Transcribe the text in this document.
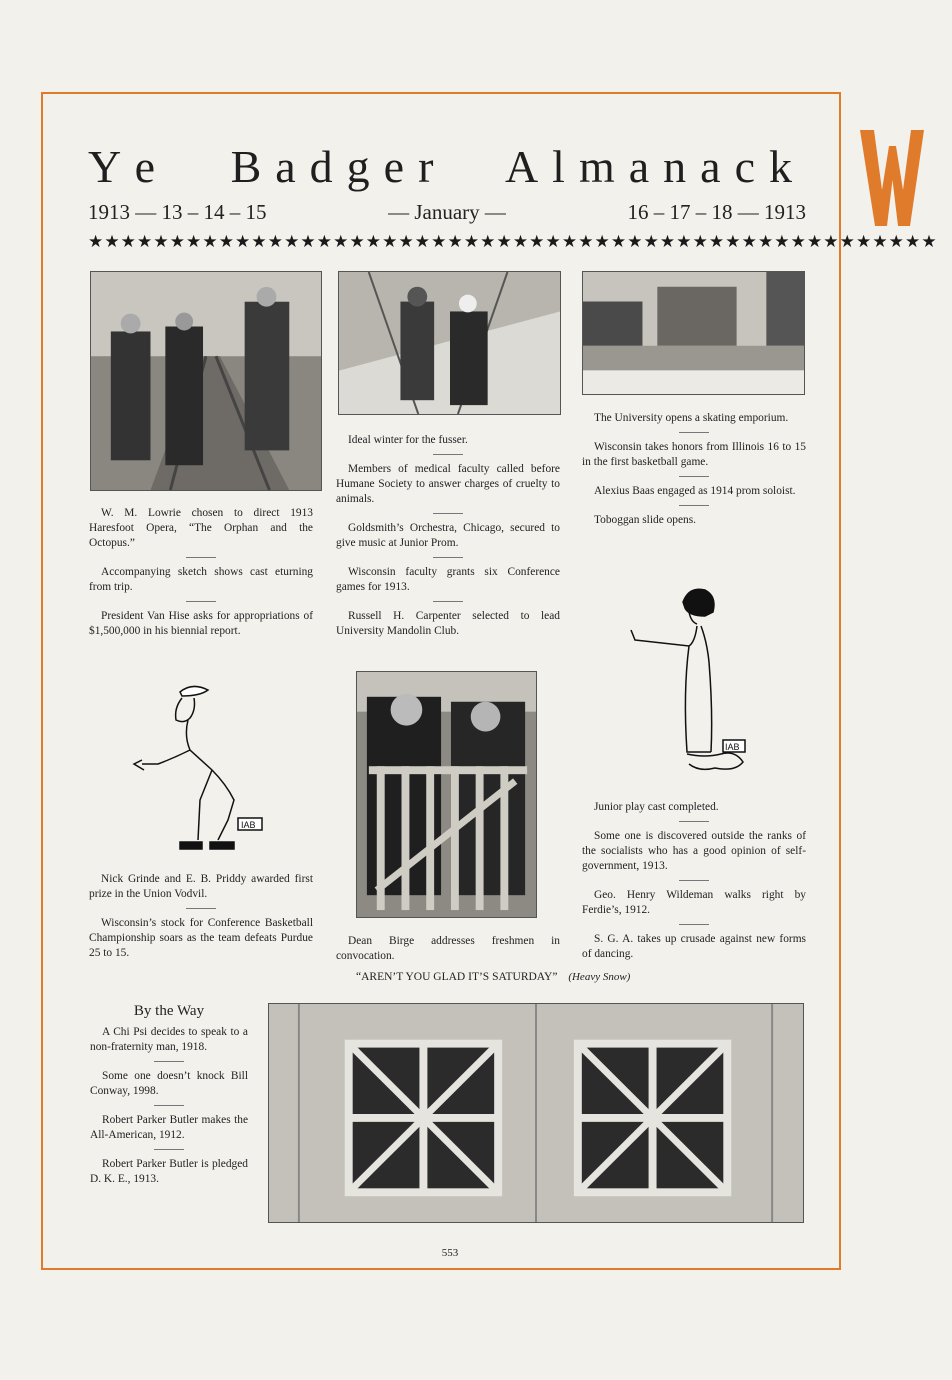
Ye Badger Almanack
1913 — 13 – 14 – 15	— January —	16 – 17 – 18 — 1913
★★★★★★★★★★★★★★★★★★★★★★★★★★★★★★★★★★★★★★★★★★★★★★★★★★★★

W. M. Lowrie chosen to direct 1913 Haresfoot Opera, “The Orphan and the Octopus.”

Accompanying sketch shows cast eturning from trip.

President Van Hise asks for appropriations of $1,500,000 in his biennial report.

Ideal winter for the fusser.

Members of medical faculty called before Humane Society to answer charges of cruelty to animals.

Goldsmith’s Orchestra, Chicago, secured to give music at Junior Prom.

Wisconsin faculty grants six Conference games for 1913.

Russell H. Carpenter selected to lead University Mandolin Club.

The University opens a skating emporium.

Wisconsin takes honors from Illinois 16 to 15 in the first basketball game.

Alexius Baas engaged as 1914 prom soloist.

Toboggan slide opens.

IAB
IAB

Nick Grinde and E. B. Priddy awarded first prize in the Union Vodvil.

Wisconsin’s stock for Conference Basketball Championship soars as the team defeats Purdue 25 to 15.

Dean Birge addresses freshmen in convocation.

Junior play cast completed.

Some one is discovered outside the ranks of the socialists who has a good opinion of self-government, 1913.

Geo. Henry Wildeman walks right by Ferdie’s, 1912.

S. G. A. takes up crusade against new forms of dancing.

“AREN’T YOU GLAD IT’S SATURDAY” (Heavy Snow)
By the Way

A Chi Psi decides to speak to a non-fraternity man, 1918.

Some one doesn’t knock Bill Conway, 1998.

Robert Parker Butler makes the All-American, 1912.

Robert Parker Butler is pledged D. K. E., 1913.

553
